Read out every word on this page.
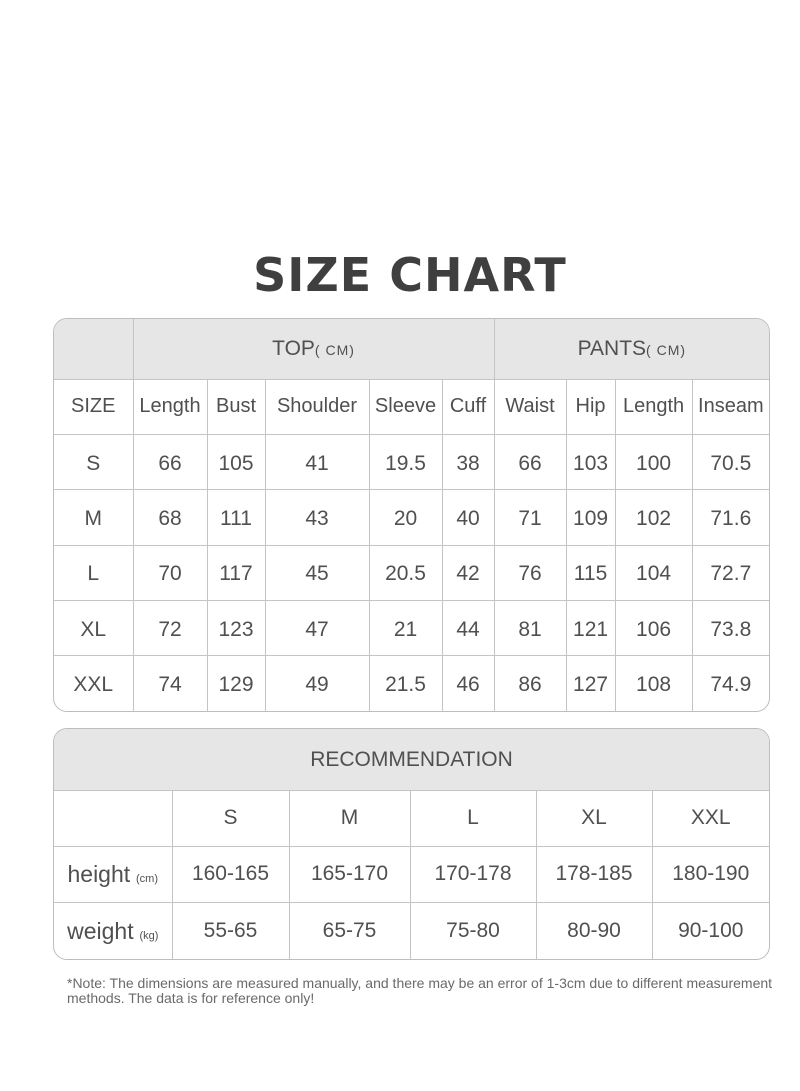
SIZE CHART
	TOP( CM)					PANTS( CM)			
SIZE	Length	Bust	Shoulder	Sleeve	Cuff	Waist	Hip	Length	Inseam
S	66	105	41	19.5	38	66	103	100	70.5
M	68	111	43	20	40	71	109	102	71.6
L	70	117	45	20.5	42	76	115	104	72.7
XL	72	123	47	21	44	81	121	106	73.8
XXL	74	129	49	21.5	46	86	127	108	74.9
RECOMMENDATION					
	S	M	L	XL	XXL
height (cm)	160-165	165-170	170-178	178-185	180-190
weight (kg)	55-65	65-75	75-80	80-90	90-100

*Note: The dimensions are measured manually, and there may be an error of 1-3cm due to different measurement methods. The data is for reference only!
